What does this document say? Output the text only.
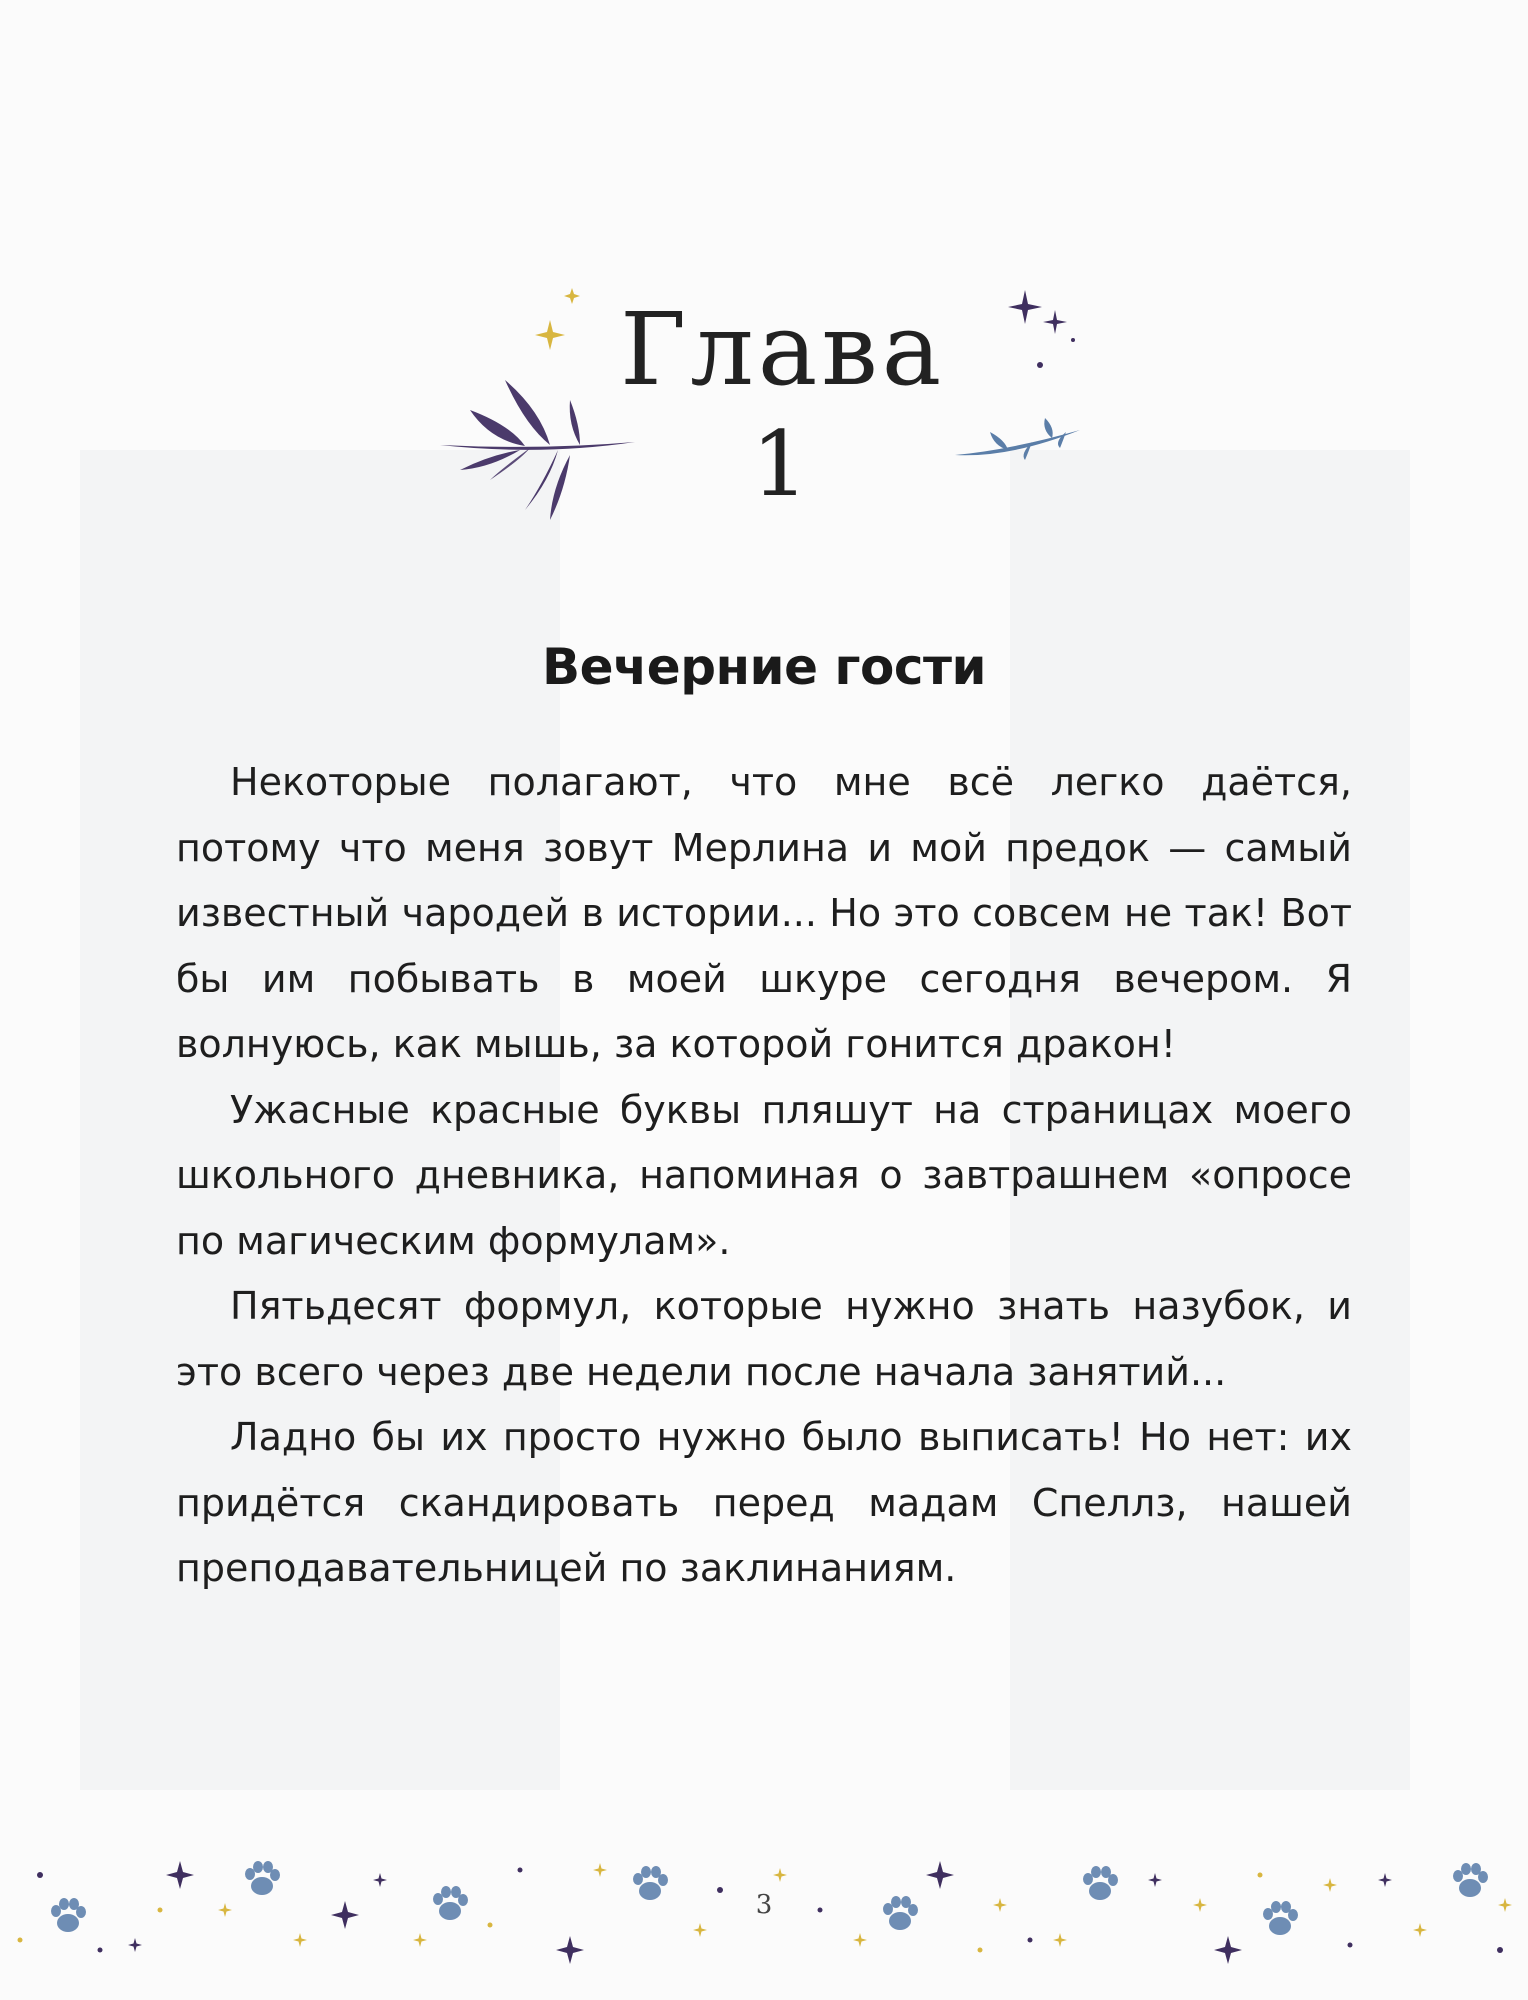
Глава
1
Вечерние гости

Некоторые полагают, что мне всё легко даётся, потому что меня зовут Мерлина и мой предок — самый известный чародей в истории... Но это совсем не так! Вот бы им побывать в моей шкуре сегодня вечером. Я волнуюсь, как мышь, за которой гонится дракон!

Ужасные красные буквы пляшут на страницах моего школьного дневника, напоминая о завтрашнем «опросе по магическим формулам».

Пятьдесят формул, которые нужно знать назубок, и это всего через две недели после начала занятий...

Ладно бы их просто нужно было выписать! Но нет: их придётся скандировать перед мадам Спеллз, нашей преподавательницей по заклинаниям.

3
